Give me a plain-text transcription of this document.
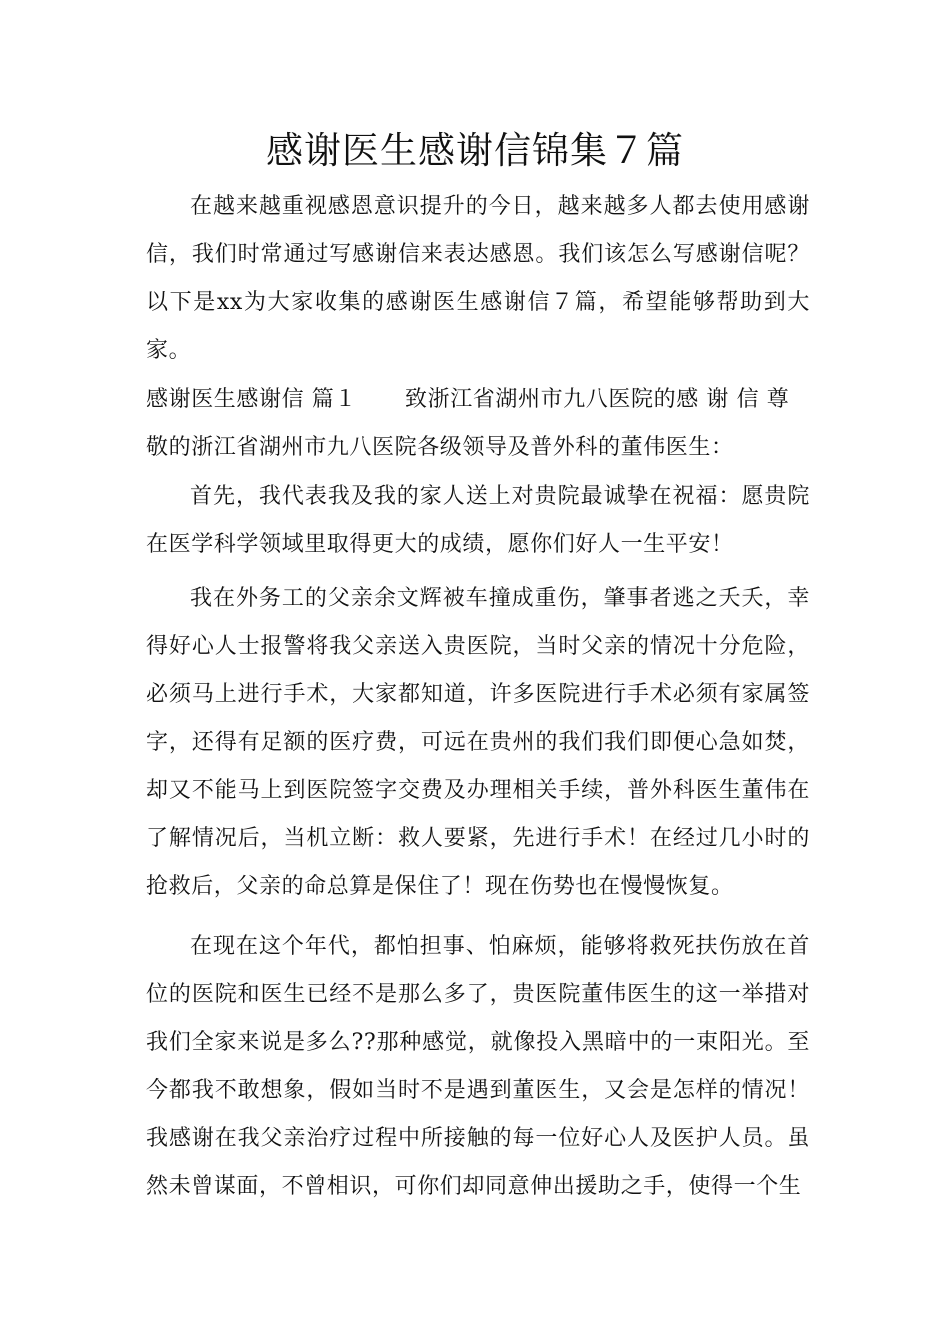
感谢医生感谢信锦集７篇

在越来越重视感恩意识提升的今日，越来越多人都去使用感谢信，我们时常通过写感谢信来表达感恩。我们该怎么写感谢信呢？以下是xx为大家收集的感谢医生感谢信７篇，希望能够帮助到大家。

感谢医生感谢信 篇１ 致浙江省湖州市九八医院的感 谢 信 尊敬的浙江省湖州市九八医院各级领导及普外科的董伟医生：

首先，我代表我及我的家人送上对贵院最诚挚在祝福：愿贵院在医学科学领域里取得更大的成绩，愿你们好人一生平安！

我在外务工的父亲余文辉被车撞成重伤，肇事者逃之夭夭，幸得好心人士报警将我父亲送入贵医院，当时父亲的情况十分危险，必须马上进行手术，大家都知道，许多医院进行手术必须有家属签字，还得有足额的医疗费，可远在贵州的我们我们即便心急如焚，却又不能马上到医院签字交费及办理相关手续，普外科医生董伟在了解情况后，当机立断：救人要紧，先进行手术！在经过几小时的抢救后，父亲的命总算是保住了！现在伤势也在慢慢恢复。

在现在这个年代，都怕担事、怕麻烦，能够将救死扶伤放在首位的医院和医生已经不是那么多了，贵医院董伟医生的这一举措对我们全家来说是多么??那种感觉，就像投入黑暗中的一束阳光。至今都我不敢想象，假如当时不是遇到董医生，又会是怎样的情况！我感谢在我父亲治疗过程中所接触的每一位好心人及医护人员。虽然未曾谋面，不曾相识，可你们却同意伸出援助之手，使得一个生
